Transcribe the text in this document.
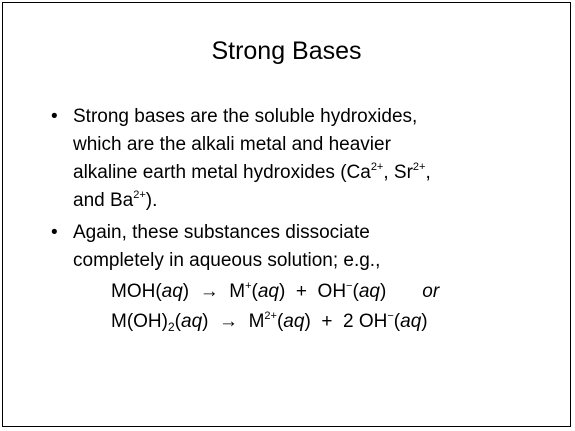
Strong Bases
• Strong bases are the soluble hydroxides,
which are the alkali metal and heavier
alkaline earth metal hydroxides ($Ca^{2+}$, $Sr^{2+}$,
and $Ba^{2+}$).
• Again, these substances dissociate
completely in aqueous solution; e.g.,
MOH(aq) → M+(aq)  + OH−(aq) or
$M(OH)_2(aq) \to M^{2+}(aq) + 2$ OH−(aq)
